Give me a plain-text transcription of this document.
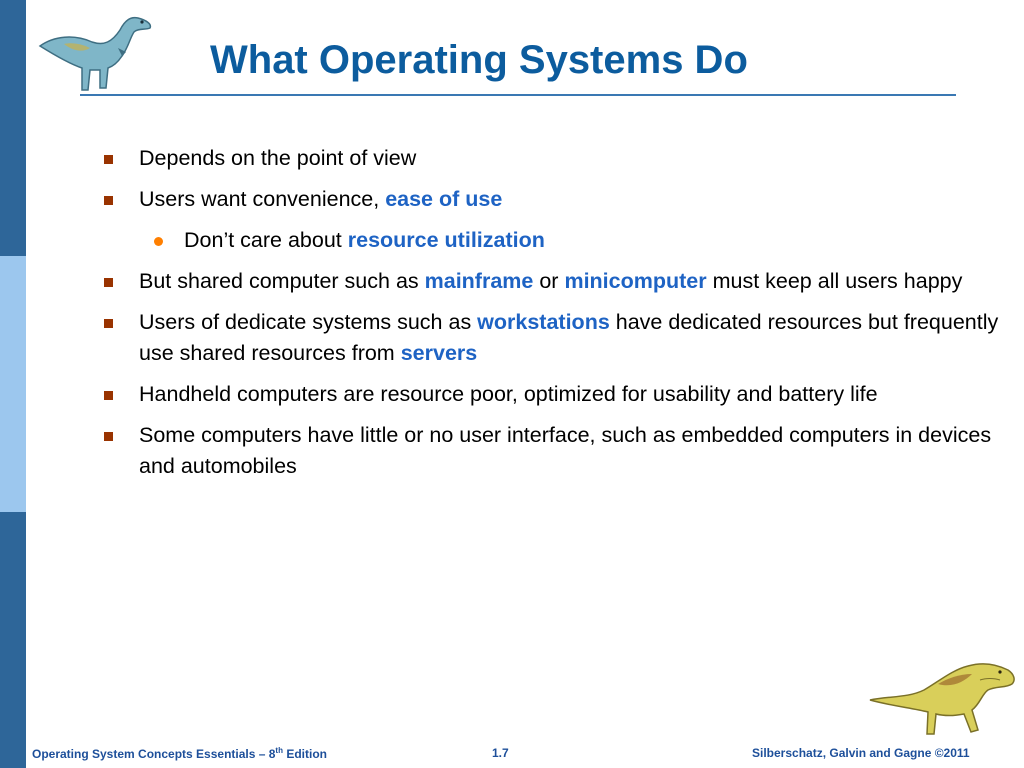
What Operating Systems Do
Depends on the point of view
Users want convenience, ease of use
Don’t care about resource utilization
But shared computer such as mainframe or minicomputer must keep all users happy
Users of dedicate systems such as workstations have dedicated resources but frequently use shared resources from servers
Handheld computers are resource poor, optimized for usability and battery life
Some computers have little or no user interface, such as embedded computers in devices and automobiles
Operating System Concepts Essentials – 8th Edition	1.7	Silberschatz, Galvin and Gagne ©2011
